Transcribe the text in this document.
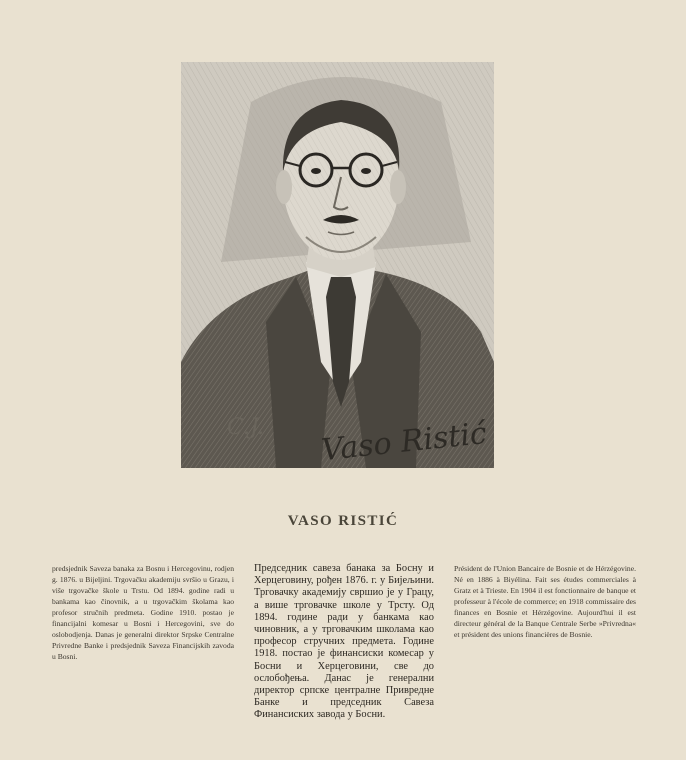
C.J. Vaso Ristić
VASO RISTIĆ

predsjednik Saveza banaka za Bosnu i Hercegovinu, rodjen g. 1876. u Bijeljini. Trgovačku akademiju svršio u Grazu, i više trgovačke škole u Trstu. Od 1894. godine radi u bankama kao činovnik, a u trgovačkim školama kao profesor stručnih predmeta. Godine 1910. postao je financijalni komesar u Bosni i Hercegovini, sve do oslobodjenja. Danas je generalni direktor Srpske Centralne Privredne Banke i predsjednik Saveza Financijskih zavoda u Bosni.

Председник савеза банака за Босну и Херцеговину, рођен 1876. г. у Бијељини. Трговачку академију свршио је у Грацу, а више трговачке школе у Трсту. Од 1894. године ради у банкама као чиновник, а у трговачким школама као професор стручних предмета. Године 1918. постао је финансиски комесар у Босни и Херцеговини, све до ослобођења. Данас је генерални директор српске централне Привредне Банке и председник Савеза Финансиских завода у Босни.

Président de l'Union Bancaire de Bosnie et de Hérzégovine. Né en 1886 à Biyélina. Fait ses études commerciales à Gratz et à Trieste. En 1904 il est fonctionnaire de banque et professeur à l'école de commerce; en 1918 commissaire des finances en Bosnie et Hérzégovine. Aujourd'hui il est directeur général de la Banque Centrale Serbe »Privredna« et président des unions financières de Bosnie.
